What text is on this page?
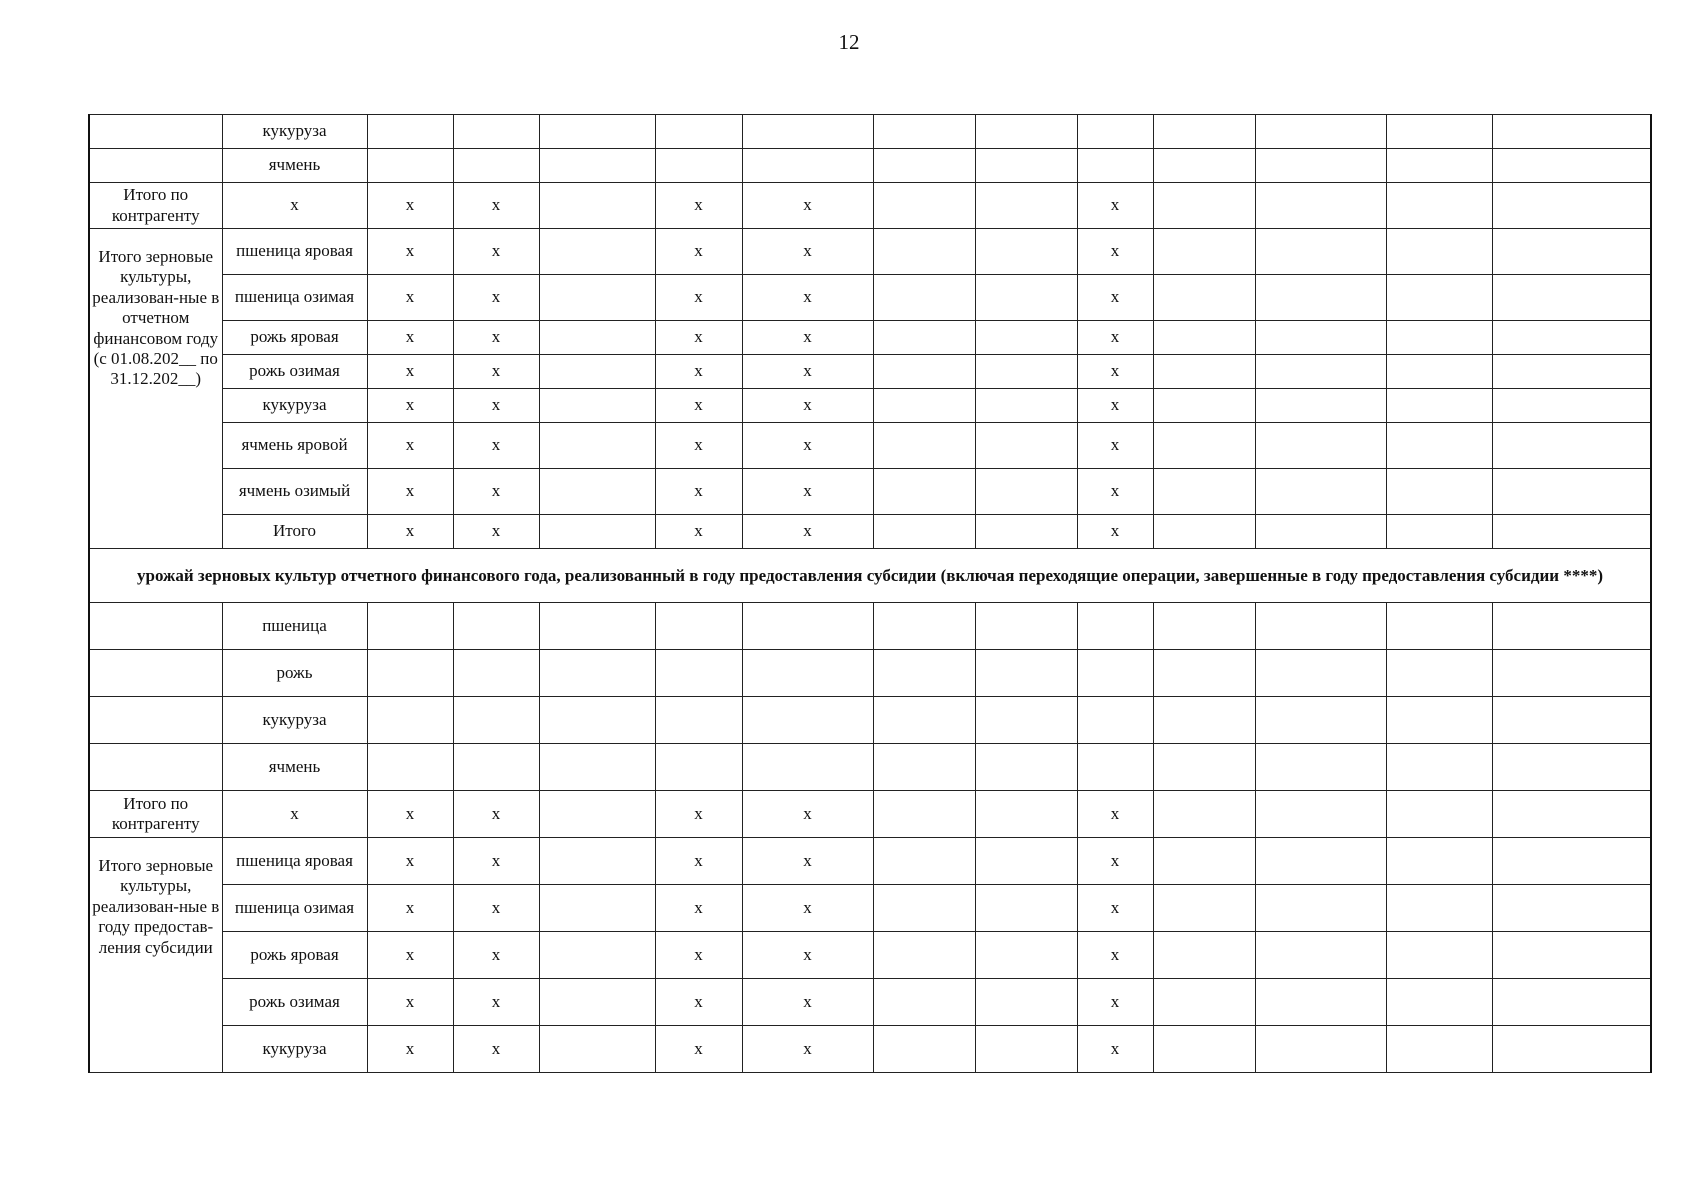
12
	кукуруза												
	ячмень												
Итого по контрагенту	х	х	х		х	х			х				
Итого зерновые культуры, реализован-ные в отчетном финансовом году (с 01.08.202__ по 31.12.202__)	пшеница яровая	х	х		х	х			х				
	пшеница озимая	х	х		х	х			х				
	рожь яровая	х	х		х	х			х				
	рожь озимая	х	х		х	х			х				
	кукуруза	х	х		х	х			х				
	ячмень яровой	х	х		х	х			х				
	ячмень озимый	х	х		х	х			х				
	Итого	х	х		х	х			х				
урожай зерновых культур отчетного финансового года, реализованный в году предоставления субсидии (включая переходящие операции, завершенные в году предоставления субсидии ****)													
	пшеница												
	рожь												
	кукуруза												
	ячмень												
Итого по контрагенту	х	х	х		х	х			х				
Итого зерновые культуры, реализован-ные в году предостав-ления субсидии	пшеница яровая	х	х		х	х			х				
	пшеница озимая	х	х		х	х			х				
	рожь яровая	х	х		х	х			х				
	рожь озимая	х	х		х	х			х				
	кукуруза	х	х		х	х			х				
